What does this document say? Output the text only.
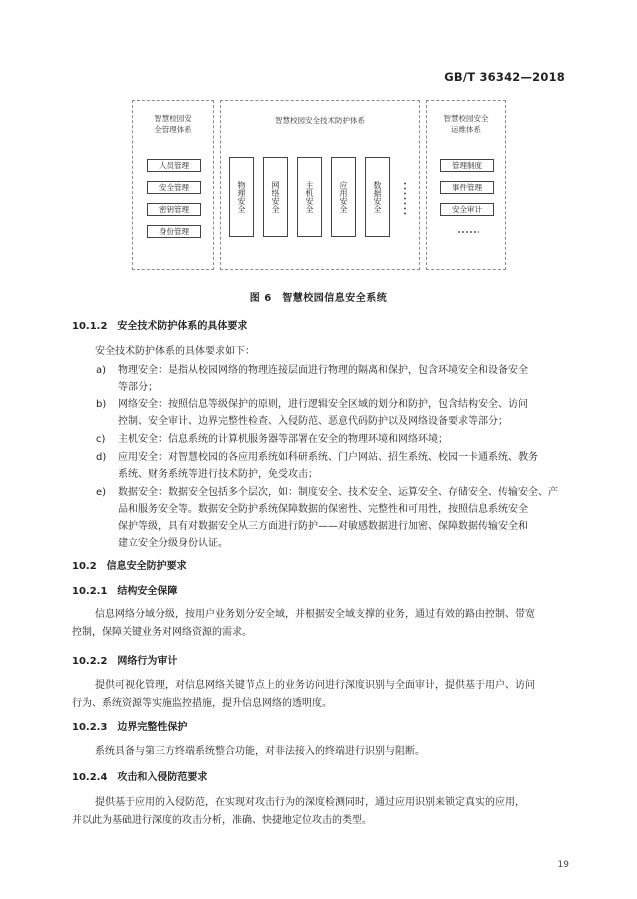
GB/T 36342—2018
智慧校园安
全管理体系
人员管理
安全管理
密钥管理
身份管理
智慧校园安全技术防护体系
物理安全	网络安全	主机安全	应用安全	数据安全
智慧校园安全
运维体系
管理制度
事件管理
安全审计
图 6　智慧校园信息安全系统
10.1.2　安全技术防护体系的具体要求
安全技术防护体系的具体要求如下：
a) 物理安全：是指从校园网络的物理连接层面进行物理的隔离和保护，包含环境安全和设备安全
等部分；
b) 网络安全：按照信息等级保护的原则，进行逻辑安全区域的划分和防护，包含结构安全、访问
控制、安全审计、边界完整性检查、入侵防范、恶意代码防护以及网络设备要求等部分；
c) 主机安全：信息系统的计算机服务器等部署在安全的物理环境和网络环境；
d) 应用安全：对智慧校园的各应用系统如科研系统、门户网站、招生系统、校园一卡通系统、教务
系统、财务系统等进行技术防护，免受攻击；
e) 数据安全：数据安全包括多个层次，如：制度安全、技术安全、运算安全、存储安全、传输安全、产
品和服务安全等。数据安全防护系统保障数据的保密性、完整性和可用性，按照信息系统安全
保护等级，具有对数据安全从三方面进行防护——对敏感数据进行加密、保障数据传输安全和
建立安全分级身份认证。
10.2　信息安全防护要求
10.2.1　结构安全保障
信息网络分域分级，按用户业务划分安全域，并根据安全域支撑的业务，通过有效的路由控制、带宽
控制，保障关键业务对网络资源的需求。
10.2.2　网络行为审计
提供可视化管理，对信息网络关键节点上的业务访问进行深度识别与全面审计，提供基于用户、访问
行为、系统资源等实施监控措施，提升信息网络的透明度。
10.2.3　边界完整性保护
系统具备与第三方终端系统整合功能，对非法接入的终端进行识别与阻断。
10.2.4　攻击和入侵防范要求
提供基于应用的入侵防范，在实现对攻击行为的深度检测同时，通过应用识别来锁定真实的应用，
并以此为基础进行深度的攻击分析，准确、快捷地定位攻击的类型。
19
